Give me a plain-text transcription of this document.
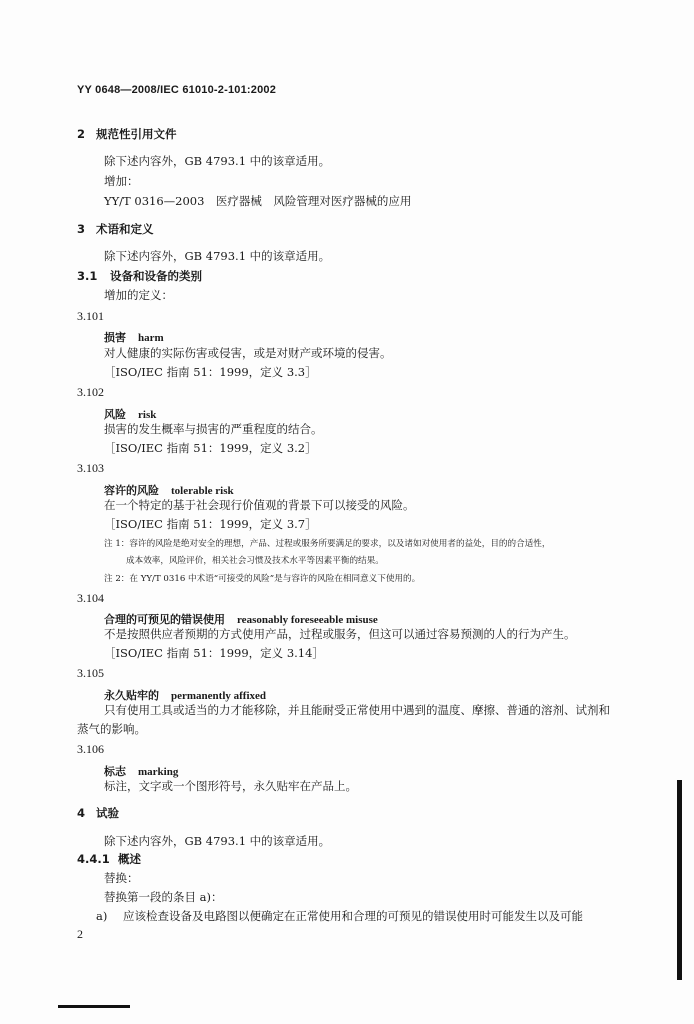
YY 0648—2008/IEC 61010-2-101:2002
2 规范性引用文件
除下述内容外，GB 4793.1 中的该章适用。
增加：
YY/T 0316—2003　医疗器械　风险管理对医疗器械的应用
3 术语和定义
除下述内容外，GB 4793.1 中的该章适用。
3.1 设备和设备的类别
增加的定义：
3.101
损害 harm
对人健康的实际伤害或侵害，或是对财产或环境的侵害。
［ISO/IEC 指南 51：1999，定义 3.3］
3.102
风险 risk
损害的发生概率与损害的严重程度的结合。
［ISO/IEC 指南 51：1999，定义 3.2］
3.103
容许的风险 tolerable risk
在一个特定的基于社会现行价值观的背景下可以接受的风险。
［ISO/IEC 指南 51：1999，定义 3.7］
注 1：容许的风险是绝对安全的理想，产品、过程或服务所要满足的要求，以及诸如对使用者的益处，目的的合适性，
成本效率，风险评价，相关社会习惯及技术水平等因素平衡的结果。
注 2：在 YY/T 0316 中术语“可接受的风险”是与容许的风险在相同意义下使用的。
3.104
合理的可预见的错误使用 reasonably foreseeable misuse
不是按照供应者预期的方式使用产品，过程或服务，但这可以通过容易预测的人的行为产生。
［ISO/IEC 指南 51：1999，定义 3.14］
3.105
永久贴牢的 permanently affixed
只有使用工具或适当的力才能移除，并且能耐受正常使用中遇到的温度、摩擦、普通的溶剂、试剂和
蒸气的影响。
3.106
标志 marking
标注，文字或一个图形符号，永久贴牢在产品上。
4 试验
除下述内容外，GB 4793.1 中的该章适用。
4.4.1 概述
替换：
替换第一段的条目 a)：
a) 应该检查设备及电路图以便确定在正常使用和合理的可预见的错误使用时可能发生以及可能
2
